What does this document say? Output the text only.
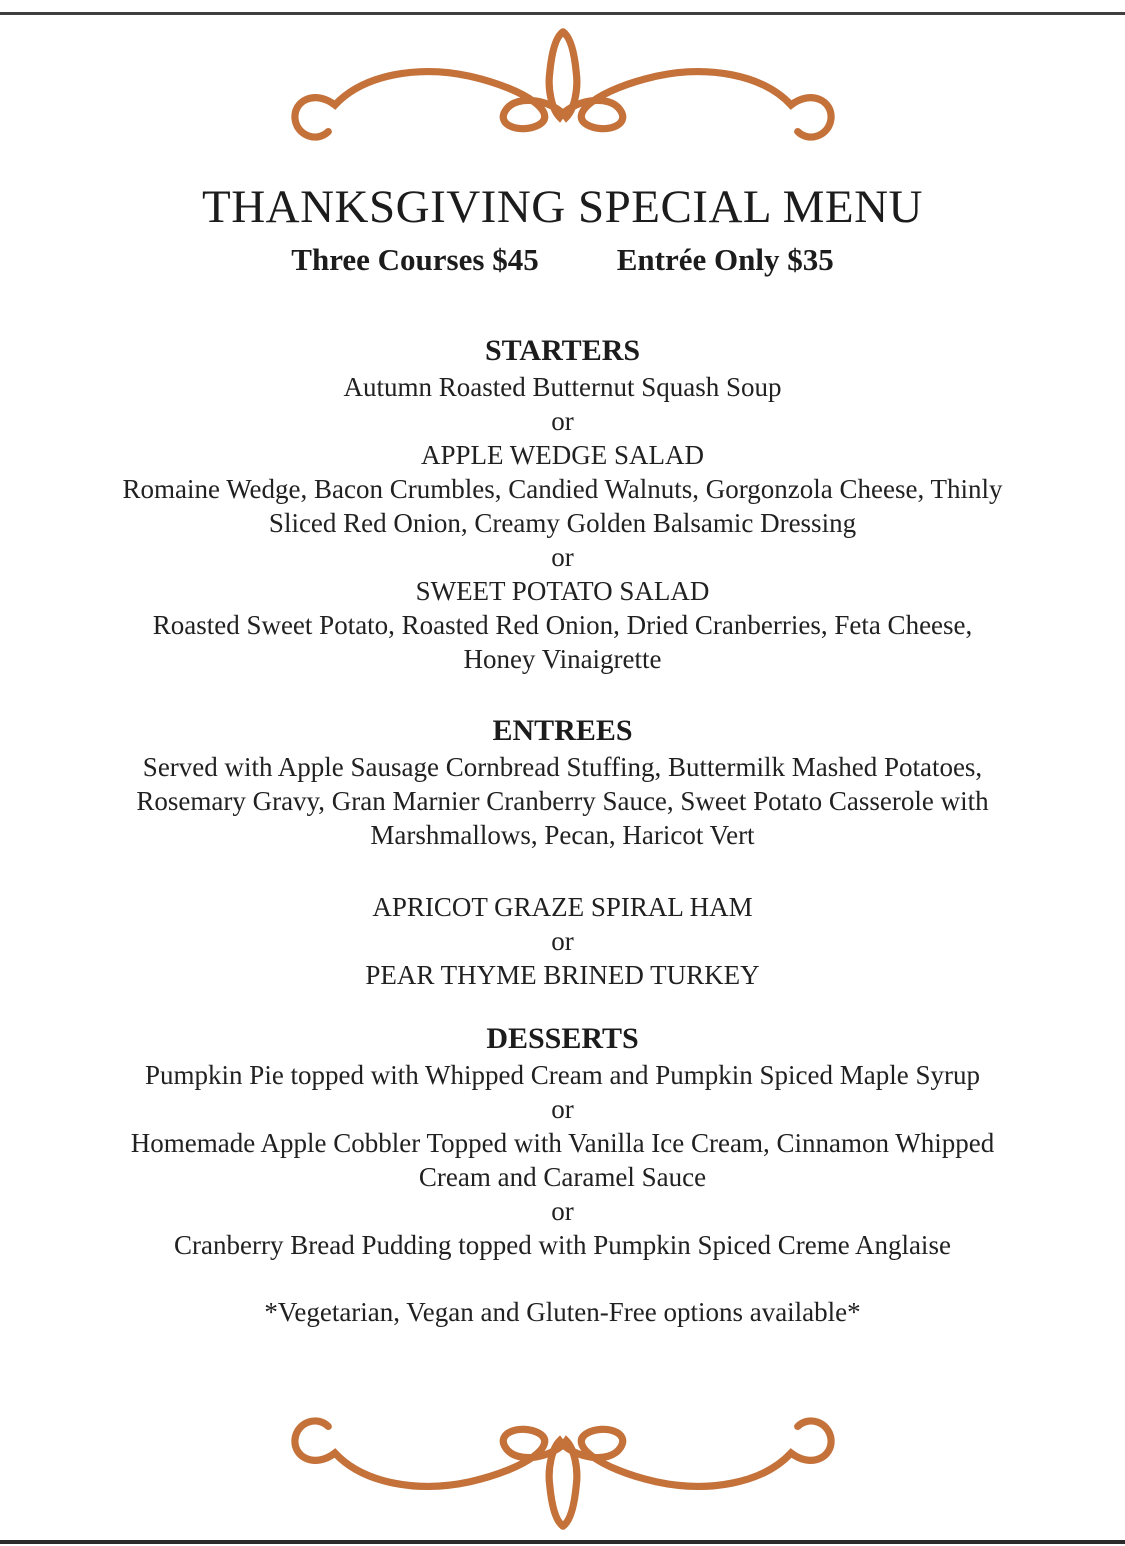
THANKSGIVING SPECIAL MENU
Three Courses $45	Entrée Only $35
STARTERS
Autumn Roasted Butternut Squash Soup
or
APPLE WEDGE SALAD
Romaine Wedge, Bacon Crumbles, Candied Walnuts, Gorgonzola Cheese, Thinly
Sliced Red Onion, Creamy Golden Balsamic Dressing
or
SWEET POTATO SALAD
Roasted Sweet Potato, Roasted Red Onion, Dried Cranberries, Feta Cheese,
Honey Vinaigrette
ENTREES
Served with Apple Sausage Cornbread Stuffing, Buttermilk Mashed Potatoes,
Rosemary Gravy, Gran Marnier Cranberry Sauce, Sweet Potato Casserole with
Marshmallows, Pecan, Haricot Vert
APRICOT GRAZE SPIRAL HAM
or
PEAR THYME BRINED TURKEY
DESSERTS
Pumpkin Pie topped with Whipped Cream and Pumpkin Spiced Maple Syrup
or
Homemade Apple Cobbler Topped with Vanilla Ice Cream, Cinnamon Whipped
Cream and Caramel Sauce
or
Cranberry Bread Pudding topped with Pumpkin Spiced Creme Anglaise
*Vegetarian, Vegan and Gluten-Free options available*
